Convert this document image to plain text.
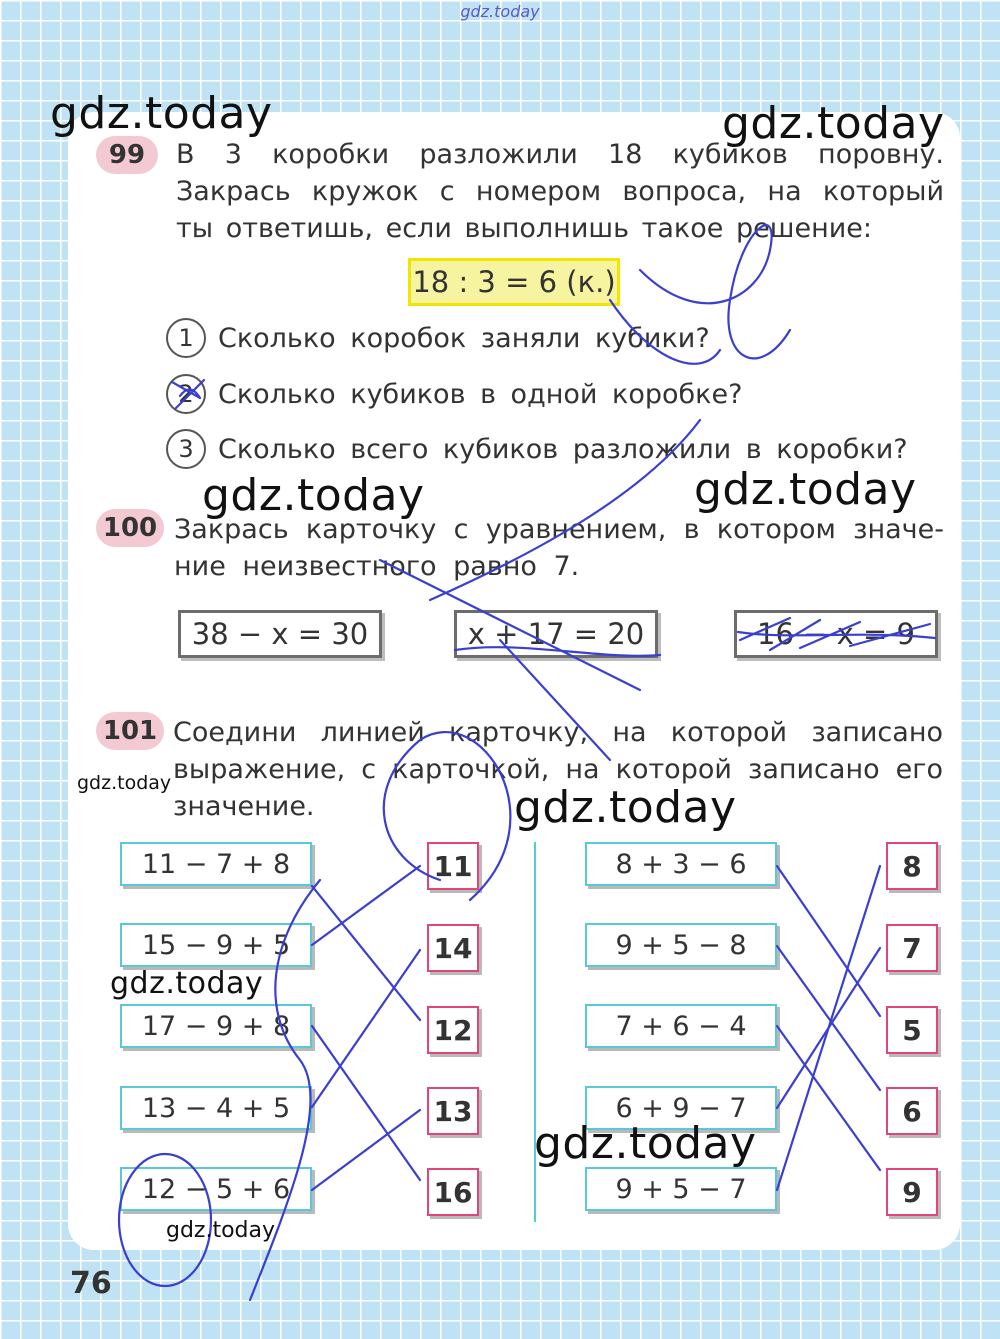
gdz.today
99	В 3 коробки разложили 18 кубиков поровну.
Закрась кружок с номером вопроса, на который
ты ответишь, если выполнишь такое решение:
18 : 3 = 6 (к.)
1 Сколько коробок заняли кубики?
2 Сколько кубиков в одной коробке?
3 Сколько всего кубиков разложили в коробки?
100 Закрась карточку с уравнением, в котором значе-
ние неизвестного равно 7.
38 − x = 30	x + 17 = 20	16 − x = 9
101 Соедини линией карточку, на которой записано
выражение, с карточкой, на которой записано его
значение.
11 − 7 + 8
15 − 9 + 5
17 − 9 + 8
13 − 4 + 5
12 − 5 + 6
11
14
12
13
16
8 + 3 − 6
9 + 5 − 8
7 + 6 − 4
6 + 9 − 7
9 + 5 − 7
8
7
5
6
9
76
gdz.today	gdz.today
gdz.today	gdz.today
gdz.today	gdz.today
gdz.today
gdz.today
gdz.today
